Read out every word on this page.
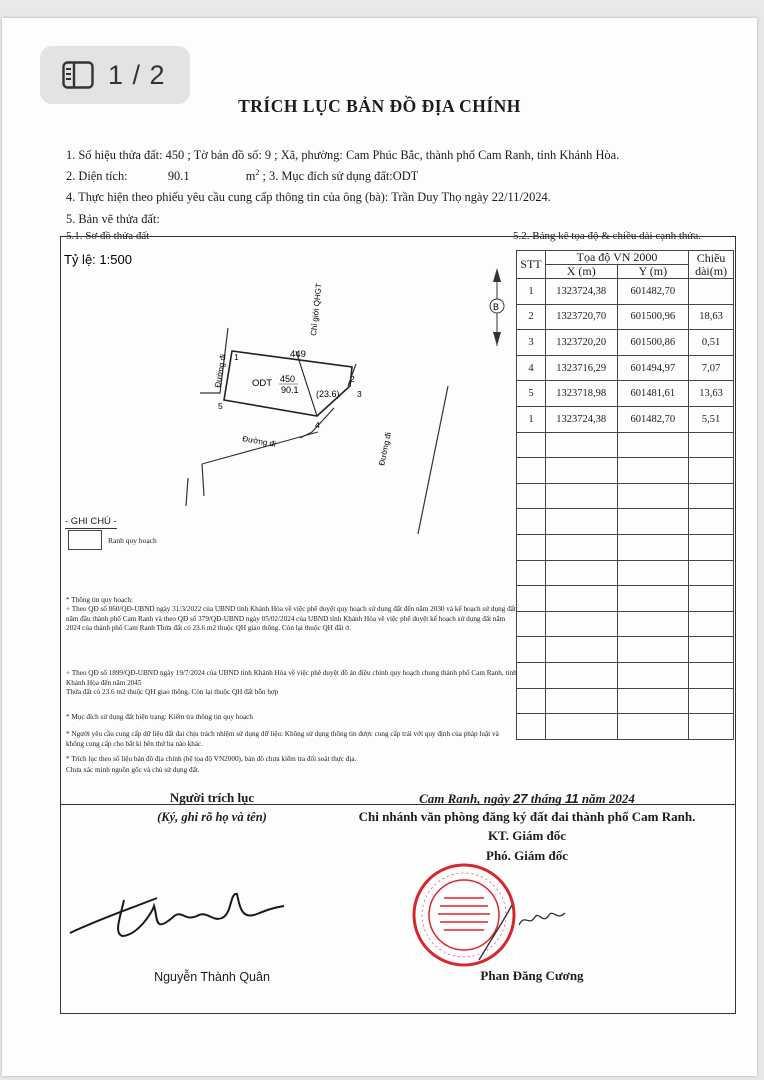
TRÍCH LỤC BẢN ĐỒ ĐỊA CHÍNH
1. Số hiệu thửa đất: 450 ; Tờ bản đồ số: 9 ; Xã, phường: Cam Phúc Bắc, thành phố Cam Ranh, tỉnh Khánh Hòa.
2. Diện tích:	90.1	$m^2$ ; 3. Mục đích sử dụng đất:ODT
4. Thực hiện theo phiếu yêu cầu cung cấp thông tin của ông (bà): Trần Duy Thọ ngày 22/11/2024.
5. Bản vẽ thửa đất:
5.1. Sơ đồ thửa đất	5.2. Bảng kê tọa độ & chiều dài cạnh thửa.
Tỷ lệ: 1:500
B
449
ODT 450
90.1 (23.6)
1
2
3
4
5
Đường đi
Đường đi	Đường đi
Chỉ giới QHGT
- GHI CHÚ -
Ranh quy hoạch
STT	Tọa độ VN 2000		Chiều dài(m)
	X (m)	Y (m)	
1	1323724,38	601482,70	
2	1323720,70	601500,96	18,63
3	1323720,20	601500,86	0,51
4	1323716,29	601494,97	7,07
5	1323718,98	601481,61	13,63
1	1323724,38	601482,70	5,51

* Thông tin quy hoạch:
+ Theo QĐ số 860/QĐ-UBND ngày 31/3/2022 của UBND tỉnh Khánh Hòa về việc phê duyệt quy hoạch sử dụng đất đến năm 2030 và kế hoạch sử dụng đất năm đầu thành phố Cam Ranh và theo QĐ số 379/QĐ-UBND ngày 05/02/2024 của UBND tỉnh Khánh Hòa về việc phê duyệt kế hoạch sử dụng đất năm 2024 của thành phố Cam Ranh Thửa đất có 23.6 m2 thuộc QH giao thông. Còn lại thuộc QH đất ở.
+ Theo QĐ số 1899/QĐ-UBND ngày 19/7/2024 của UBND tỉnh Khánh Hòa về việc phê duyệt đồ án điều chỉnh quy hoạch chung thành phố Cam Ranh, tỉnh Khánh Hòa đến năm 2045
Thửa đất có 23.6 m2 thuộc QH giao thông. Còn lại thuộc QH đất hỗn hợp
* Mục đích sử dụng đất hiện trạng: Kiểm tra thông tin quy hoạch
* Người yêu cầu cung cấp dữ liệu đất đai chịu trách nhiệm sử dụng dữ liệu: Không sử dụng thông tin được cung cấp trái với quy định của pháp luật và không cung cấp cho bất kì bên thứ ba nào khác.
* Trích lục theo số liệu bản đồ địa chính (hệ tọa độ VN2000), bản đồ chưa kiểm tra đối soát thực địa.
Chưa xác minh nguồn gốc và chủ sử dụng đất.
Người trích lục
(Ký, ghi rõ họ và tên)
Nguyễn Thành Quân
Cam Ranh, ngày 27 tháng 11 năm 2024
Chi nhánh văn phòng đăng ký đất đai thành phố Cam Ranh.
KT. Giám đốc
Phó. Giám đốc
Phan Đăng Cương
1 / 2
